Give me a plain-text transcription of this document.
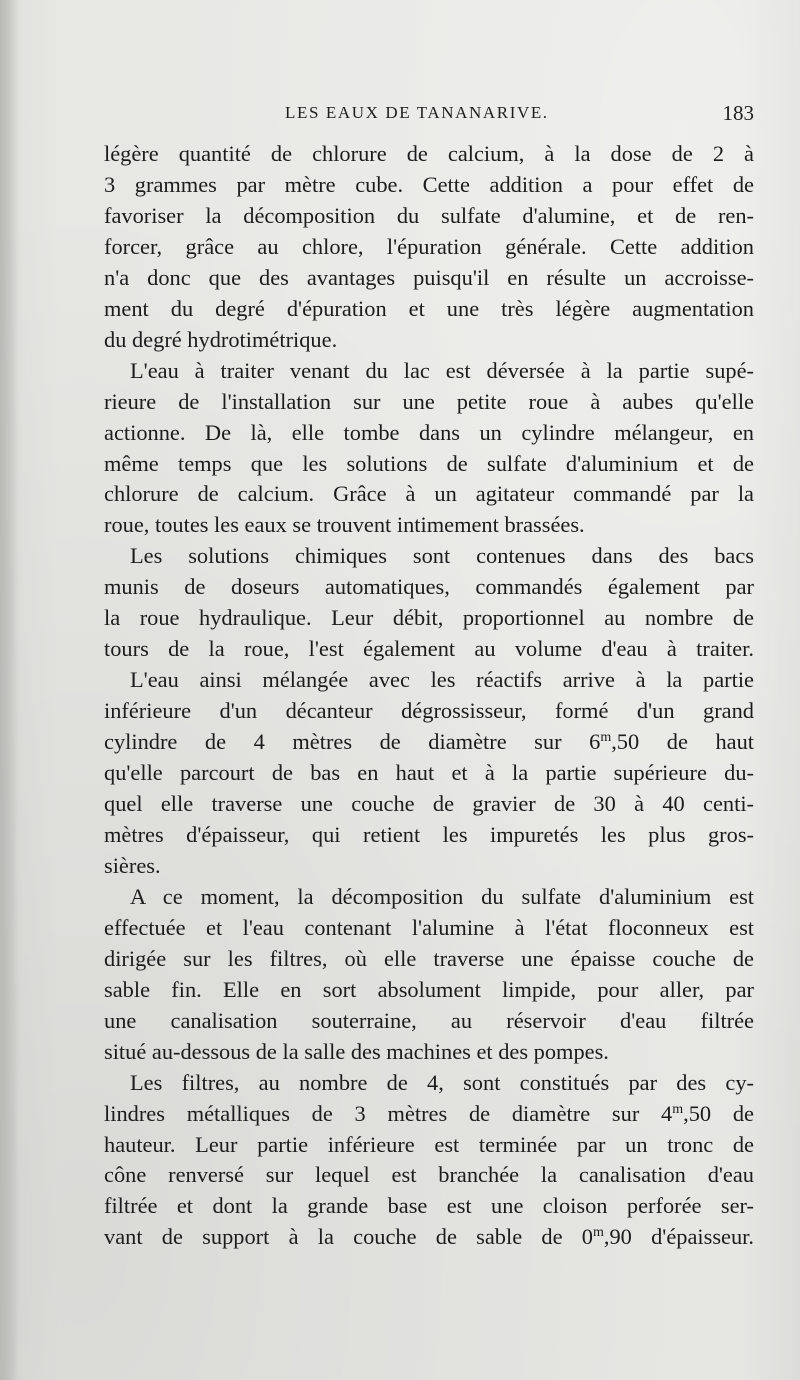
LES EAUX DE TANANARIVE.	183
légère quantité de chlorure de calcium, à la dose de 2 à
3 grammes par mètre cube. Cette addition a pour effet de
favoriser la décomposition du sulfate d'alumine, et de ren-
forcer, grâce au chlore, l'épuration générale. Cette addition
n'a donc que des avantages puisqu'il en résulte un accroisse-
ment du degré d'épuration et une très légère augmentation
du degré hydrotimétrique.
L'eau à traiter venant du lac est déversée à la partie supé-
rieure de l'installation sur une petite roue à aubes qu'elle
actionne. De là, elle tombe dans un cylindre mélangeur, en
même temps que les solutions de sulfate d'aluminium et de
chlorure de calcium. Grâce à un agitateur commandé par la
roue, toutes les eaux se trouvent intimement brassées.
Les solutions chimiques sont contenues dans des bacs
munis de doseurs automatiques, commandés également par
la roue hydraulique. Leur débit, proportionnel au nombre de
tours de la roue, l'est également au volume d'eau à traiter.
L'eau ainsi mélangée avec les réactifs arrive à la partie
inférieure d'un décanteur dégrossisseur, formé d'un grand
cylindre de 4 mètres de diamètre sur 6$^m$,50 de haut
qu'elle parcourt de bas en haut et à la partie supérieure du-
quel elle traverse une couche de gravier de 30 à 40 centi-
mètres d'épaisseur, qui retient les impuretés les plus gros-
sières.
A ce moment, la décomposition du sulfate d'aluminium est
effectuée et l'eau contenant l'alumine à l'état floconneux est
dirigée sur les filtres, où elle traverse une épaisse couche de
sable fin. Elle en sort absolument limpide, pour aller, par
une canalisation souterraine, au réservoir d'eau filtrée
situé au-dessous de la salle des machines et des pompes.
Les filtres, au nombre de 4, sont constitués par des cy-
lindres métalliques de 3 mètres de diamètre sur 4$^m$,50 de
hauteur. Leur partie inférieure est terminée par un tronc de
cône renversé sur lequel est branchée la canalisation d'eau
filtrée et dont la grande base est une cloison perforée ser-
vant de support à la couche de sable de 0$^m$,90 d'épaisseur.
